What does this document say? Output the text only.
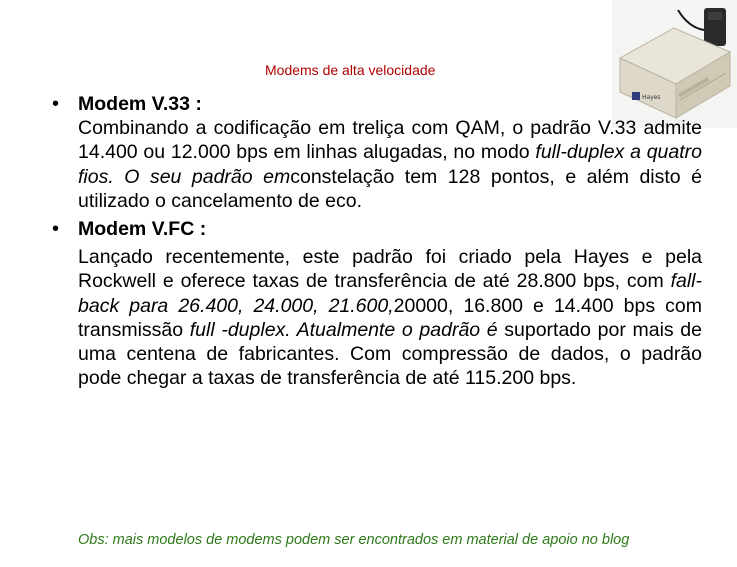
Modems de alta velocidade
Hayes
• Modem V.33 :
Combinando a codificação em treliça com QAM, o padrão V.33 admite 14.400 ou 12.000 bps em linhas alugadas, no modo full-duplex a quatro fios. O seu padrão emconstelação tem 128 pontos, e além disto é utilizado o cancelamento de eco.
• Modem V.FC :
Lançado recentemente, este padrão foi criado pela Hayes e pela Rockwell e oferece taxas de transferência de até 28.800 bps, com fall-back para 26.400, 24.000, 21.600,20000, 16.800 e 14.400 bps com transmissão full -duplex. Atualmente o padrão é suportado por mais de uma centena de fabricantes. Com compressão de dados, o padrão pode chegar a taxas de transferência de até 115.200 bps.
Obs: mais modelos de modems podem ser encontrados em material de apoio no blog
